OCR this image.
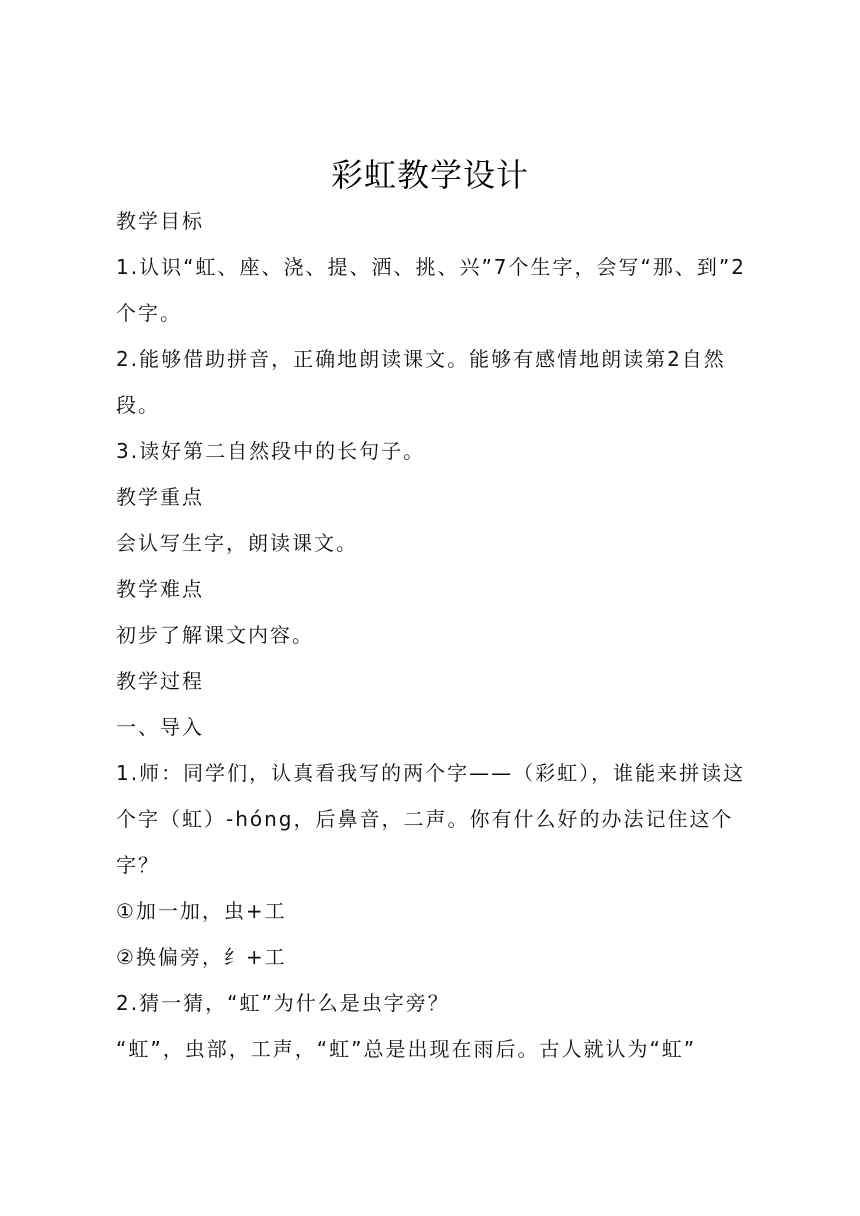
彩虹教学设计

教学目标

1.认识“虹、座、浇、提、洒、挑、兴”7个生字，会写“那、到”2个字。

2.能够借助拼音，正确地朗读课文。能够有感情地朗读第2自然段。

3.读好第二自然段中的长句子。

教学重点

会认写生字，朗读课文。

教学难点

初步了解课文内容。

教学过程

一、导入

1.师：同学们，认真看我写的两个字——（彩虹），谁能来拼读这个字（虹）-hóng，后鼻音，二声。你有什么好的办法记住这个字？

①加一加，虫+工

②换偏旁，纟+工

2.猜一猜，“虹”为什么是虫字旁？

“虹”，虫部，工声，“虹”总是出现在雨后。古人就认为“虹”
